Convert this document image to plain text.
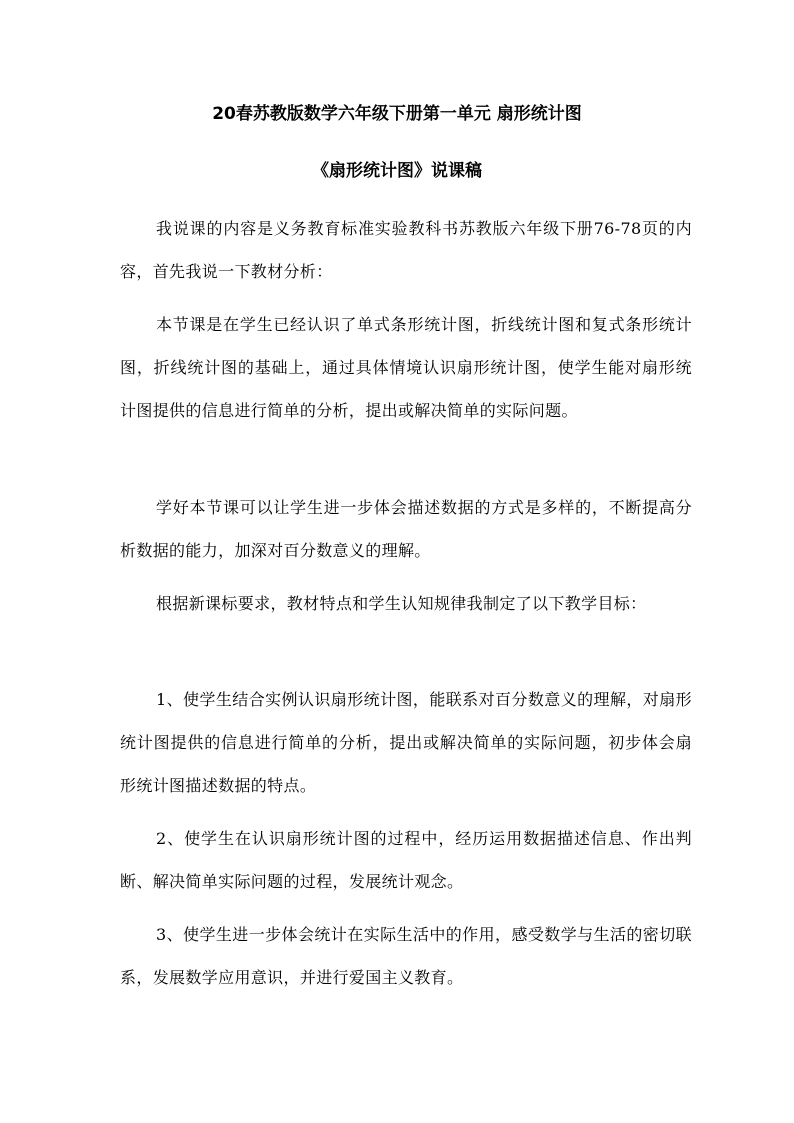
20春苏教版数学六年级下册第一单元 扇形统计图
《扇形统计图》说课稿

我说课的内容是义务教育标准实验教科书苏教版六年级下册76-78页的内容，首先我说一下教材分析：

本节课是在学生已经认识了单式条形统计图，折线统计图和复式条形统计图，折线统计图的基础上，通过具体情境认识扇形统计图，使学生能对扇形统计图提供的信息进行简单的分析，提出或解决简单的实际问题。

学好本节课可以让学生进一步体会描述数据的方式是多样的，不断提高分析数据的能力，加深对百分数意义的理解。

根据新课标要求，教材特点和学生认知规律我制定了以下教学目标：

1、使学生结合实例认识扇形统计图，能联系对百分数意义的理解，对扇形统计图提供的信息进行简单的分析，提出或解决简单的实际问题，初步体会扇形统计图描述数据的特点。

2、使学生在认识扇形统计图的过程中，经历运用数据描述信息、作出判断、解决简单实际问题的过程，发展统计观念。

3、使学生进一步体会统计在实际生活中的作用，感受数学与生活的密切联系，发展数学应用意识，并进行爱国主义教育。
